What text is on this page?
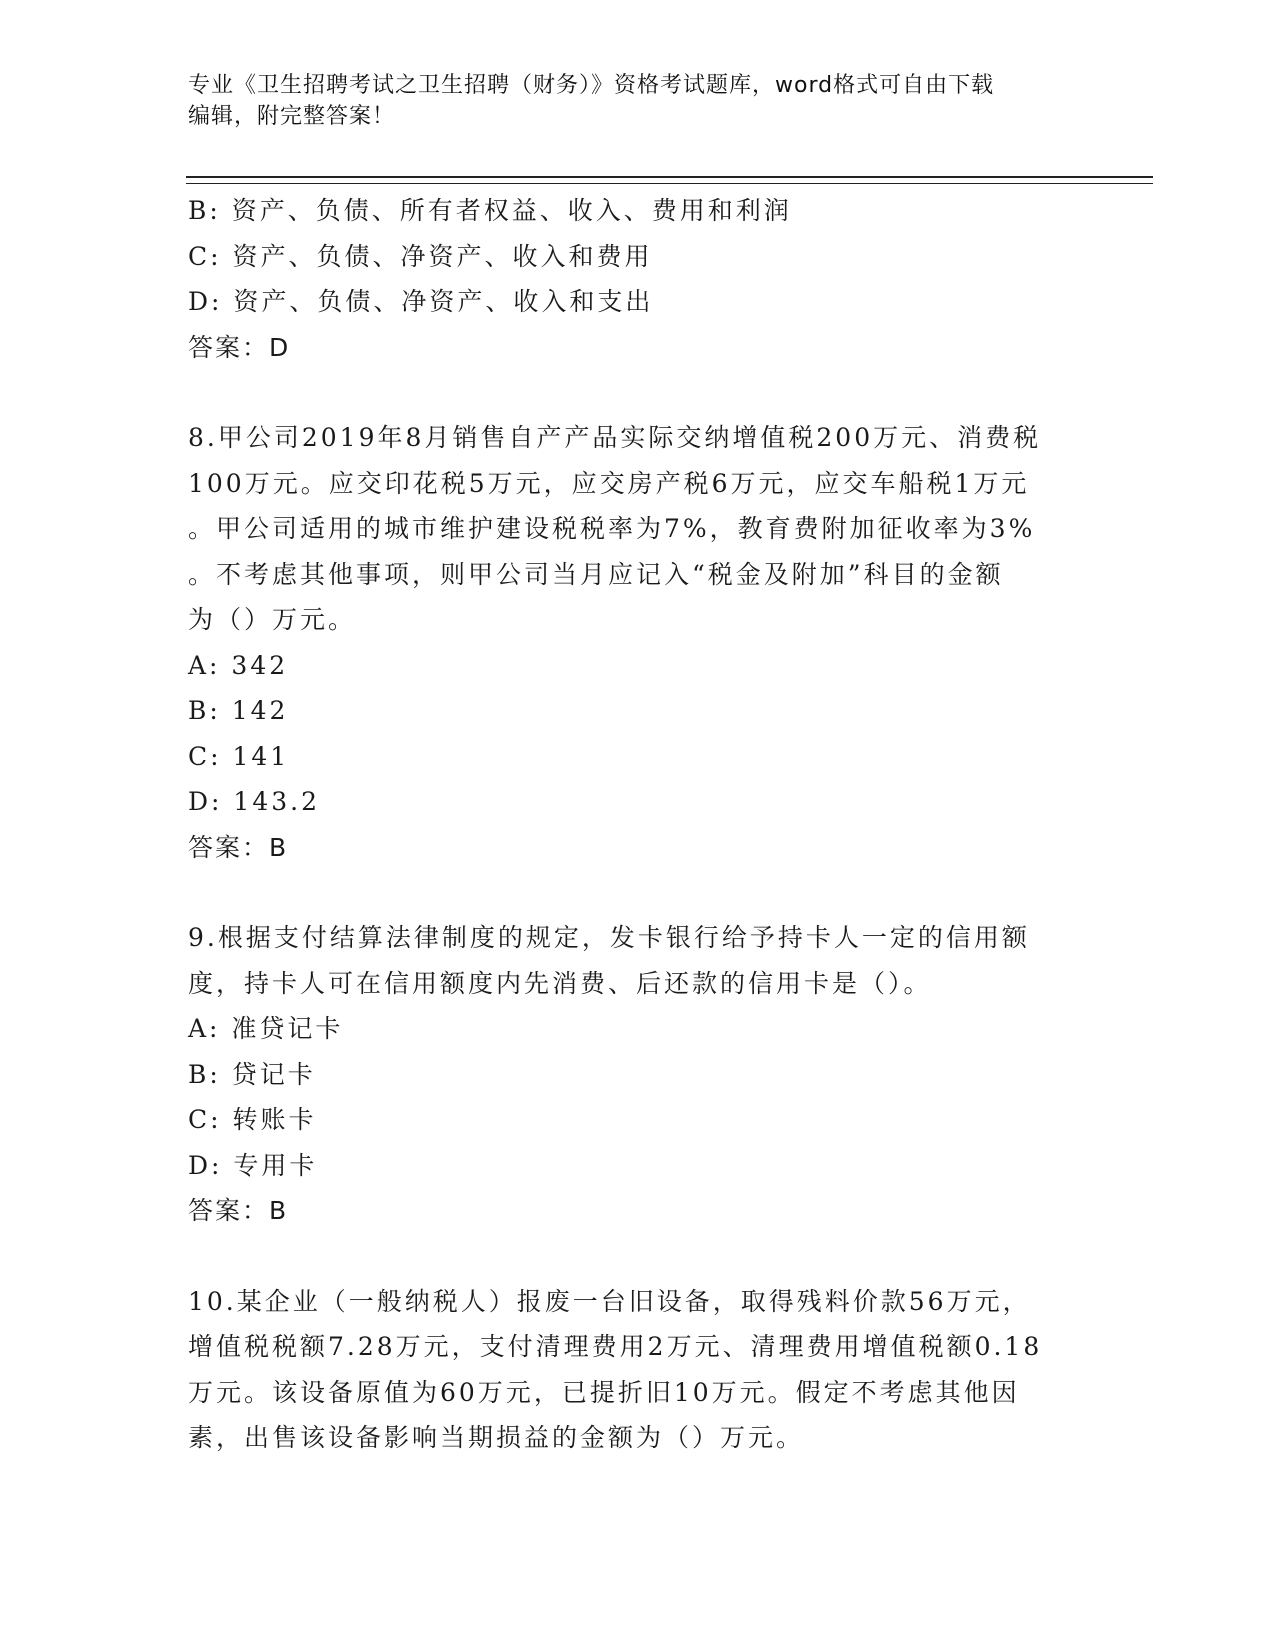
专业《卫生招聘考试之卫生招聘（财务）》资格考试题库，word格式可自由下载
编辑，附完整答案！
B: 资产、负债、所有者权益、收入、费用和利润
C: 资产、负债、净资产、收入和费用
D: 资产、负债、净资产、收入和支出
答案：D
8.甲公司2019年8月销售自产产品实际交纳增值税200万元、消费税
100万元。应交印花税5万元，应交房产税6万元，应交车船税1万元
。甲公司适用的城市维护建设税税率为7%，教育费附加征收率为3%
。不考虑其他事项，则甲公司当月应记入“税金及附加”科目的金额
为（）万元。
A: 342
B: 142
C: 141
D: 143.2
答案：B
9.根据支付结算法律制度的规定，发卡银行给予持卡人一定的信用额
度，持卡人可在信用额度内先消费、后还款的信用卡是（）。
A: 准贷记卡
B: 贷记卡
C: 转账卡
D: 专用卡
答案：B
10.某企业（一般纳税人）报废一台旧设备，取得残料价款56万元，
增值税税额7.28万元，支付清理费用2万元、清理费用增值税额0.18
万元。该设备原值为60万元，已提折旧10万元。假定不考虑其他因
素，出售该设备影响当期损益的金额为（）万元。
